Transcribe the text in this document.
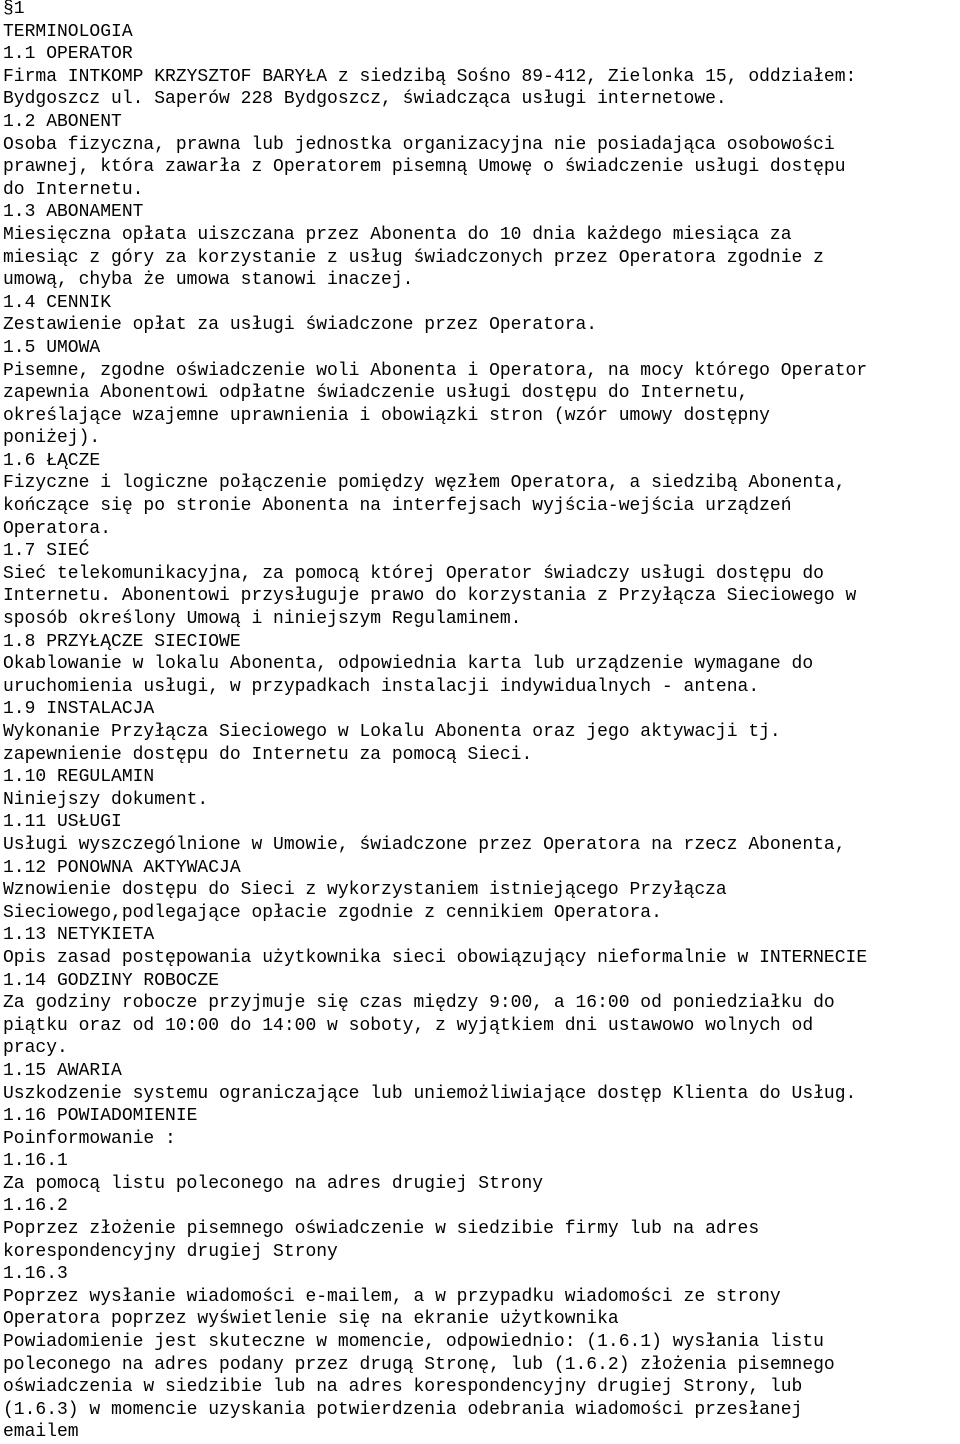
§1
TERMINOLOGIA
1.1 OPERATOR
Firma INTKOMP KRZYSZTOF BARYŁA z siedzibą Sośno 89-412, Zielonka 15, oddziałem:
Bydgoszcz ul. Saperów 228 Bydgoszcz, świadcząca usługi internetowe.
1.2 ABONENT
Osoba fizyczna, prawna lub jednostka organizacyjna nie posiadająca osobowości
prawnej, która zawarła z Operatorem pisemną Umowę o świadczenie usługi dostępu
do Internetu.
1.3 ABONAMENT
Miesięczna opłata uiszczana przez Abonenta do 10 dnia każdego miesiąca za
miesiąc z góry za korzystanie z usług świadczonych przez Operatora zgodnie z
umową, chyba że umowa stanowi inaczej.
1.4 CENNIK
Zestawienie opłat za usługi świadczone przez Operatora.
1.5 UMOWA
Pisemne, zgodne oświadczenie woli Abonenta i Operatora, na mocy którego Operator
zapewnia Abonentowi odpłatne świadczenie usługi dostępu do Internetu,
określające wzajemne uprawnienia i obowiązki stron (wzór umowy dostępny
poniżej).
1.6 ŁĄCZE
Fizyczne i logiczne połączenie pomiędzy węzłem Operatora, a siedzibą Abonenta,
kończące się po stronie Abonenta na interfejsach wyjścia-wejścia urządzeń
Operatora.
1.7 SIEĆ
Sieć telekomunikacyjna, za pomocą której Operator świadczy usługi dostępu do
Internetu. Abonentowi przysługuje prawo do korzystania z Przyłącza Sieciowego w
sposób określony Umową i niniejszym Regulaminem.
1.8 PRZYŁĄCZE SIECIOWE
Okablowanie w lokalu Abonenta, odpowiednia karta lub urządzenie wymagane do
uruchomienia usługi, w przypadkach instalacji indywidualnych - antena.
1.9 INSTALACJA
Wykonanie Przyłącza Sieciowego w Lokalu Abonenta oraz jego aktywacji tj.
zapewnienie dostępu do Internetu za pomocą Sieci.
1.10 REGULAMIN
Niniejszy dokument.
1.11 USŁUGI
Usługi wyszczególnione w Umowie, świadczone przez Operatora na rzecz Abonenta,
1.12 PONOWNA AKTYWACJA
Wznowienie dostępu do Sieci z wykorzystaniem istniejącego Przyłącza
Sieciowego,podlegające opłacie zgodnie z cennikiem Operatora.
1.13 NETYKIETA
Opis zasad postępowania użytkownika sieci obowiązujący nieformalnie w INTERNECIE
1.14 GODZINY ROBOCZE
Za godziny robocze przyjmuje się czas między 9:00, a 16:00 od poniedziałku do
piątku oraz od 10:00 do 14:00 w soboty, z wyjątkiem dni ustawowo wolnych od
pracy.
1.15 AWARIA
Uszkodzenie systemu ograniczające lub uniemożliwiające dostęp Klienta do Usług.
1.16 POWIADOMIENIE
Poinformowanie :
1.16.1
Za pomocą listu poleconego na adres drugiej Strony
1.16.2
Poprzez złożenie pisemnego oświadczenie w siedzibie firmy lub na adres
korespondencyjny drugiej Strony
1.16.3
Poprzez wysłanie wiadomości e-mailem, a w przypadku wiadomości ze strony
Operatora poprzez wyświetlenie się na ekranie użytkownika
Powiadomienie jest skuteczne w momencie, odpowiednio: (1.6.1) wysłania listu
poleconego na adres podany przez drugą Stronę, lub (1.6.2) złożenia pisemnego
oświadczenia w siedzibie lub na adres korespondencyjny drugiej Strony, lub
(1.6.3) w momencie uzyskania potwierdzenia odebrania wiadomości przesłanej
emailem
